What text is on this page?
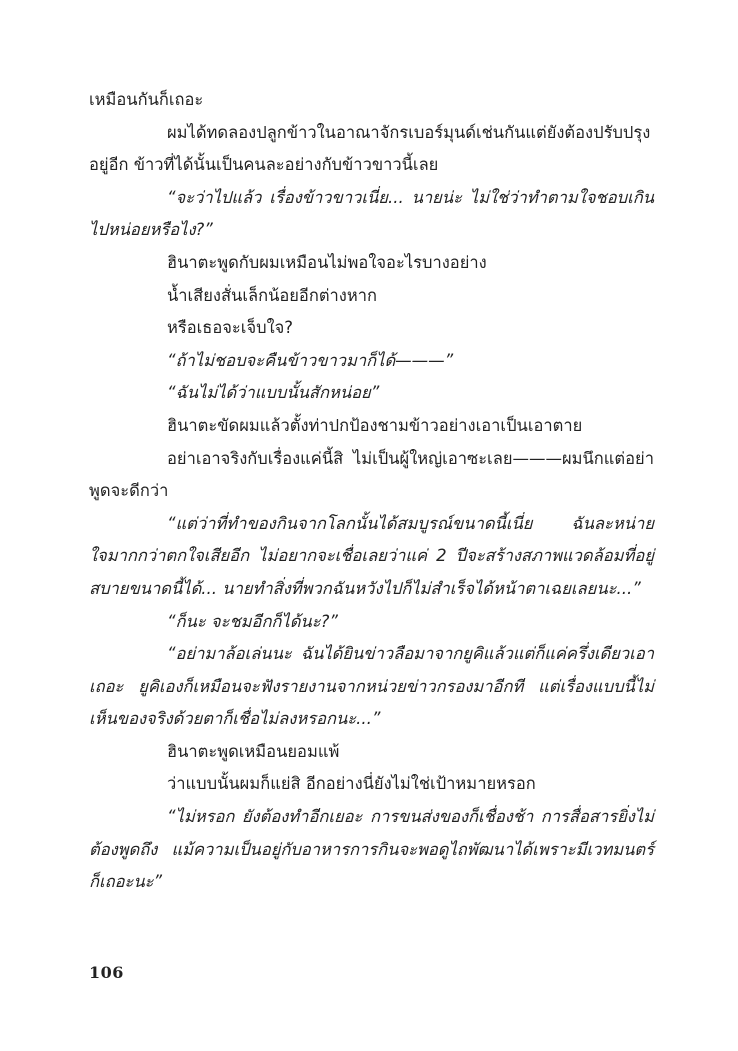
เหมือนกันก็เถอะ

ผมได้ทดลองปลูกข้าวในอาณาจักรเบอร์มุนด์เช่นกันแต่ยังต้องปรับปรุงอยู่อีก ข้าวที่ได้นั้นเป็นคนละอย่างกับข้าวขาวนี้เลย

“จะว่าไปแล้ว เรื่องข้าวขาวเนี่ย... นายน่ะ ไม่ใช่ว่าทำตามใจชอบเกินไปหน่อยหรือไง?”

ฮินาตะพูดกับผมเหมือนไม่พอใจอะไรบางอย่าง

น้ำเสียงสั่นเล็กน้อยอีกต่างหาก

หรือเธอจะเจ็บใจ?

“ถ้าไม่ชอบจะคืนข้าวขาวมาก็ได้———”

“ฉันไม่ได้ว่าแบบนั้นสักหน่อย”

ฮินาตะขัดผมแล้วตั้งท่าปกป้องชามข้าวอย่างเอาเป็นเอาตาย

อย่าเอาจริงกับเรื่องแค่นี้สิ ไม่เป็นผู้ใหญ่เอาซะเลย———ผมนึกแต่อย่าพูดจะดีกว่า

“แต่ว่าที่ทำของกินจากโลกนั้นได้สมบูรณ์ขนาดนี้เนี่ย ฉันละหน่ายใจมากกว่าตกใจเสียอีก ไม่อยากจะเชื่อเลยว่าแค่ 2 ปีจะสร้างสภาพแวดล้อมที่อยู่สบายขนาดนี้ได้... นายทำสิ่งที่พวกฉันหวังไปก็ไม่สำเร็จได้หน้าตาเฉยเลยนะ...”

“ก็นะ จะชมอีกก็ได้นะ?”

“อย่ามาล้อเล่นนะ ฉันได้ยินข่าวลือมาจากยูคิแล้วแต่ก็แค่ครึ่งเดียวเอาเถอะ ยูคิเองก็เหมือนจะฟังรายงานจากหน่วยข่าวกรองมาอีกที แต่เรื่องแบบนี้ไม่เห็นของจริงด้วยตาก็เชื่อไม่ลงหรอกนะ...”

ฮินาตะพูดเหมือนยอมแพ้

ว่าแบบนั้นผมก็แย่สิ อีกอย่างนี่ยังไม่ใช่เป้าหมายหรอก

“ไม่หรอก ยังต้องทำอีกเยอะ การขนส่งของก็เชื่องช้า การสื่อสารยิ่งไม่ต้องพูดถึง แม้ความเป็นอยู่กับอาหารการกินจะพอดูไถพัฒนาได้เพราะมีเวทมนตร์ก็เถอะนะ”

106
